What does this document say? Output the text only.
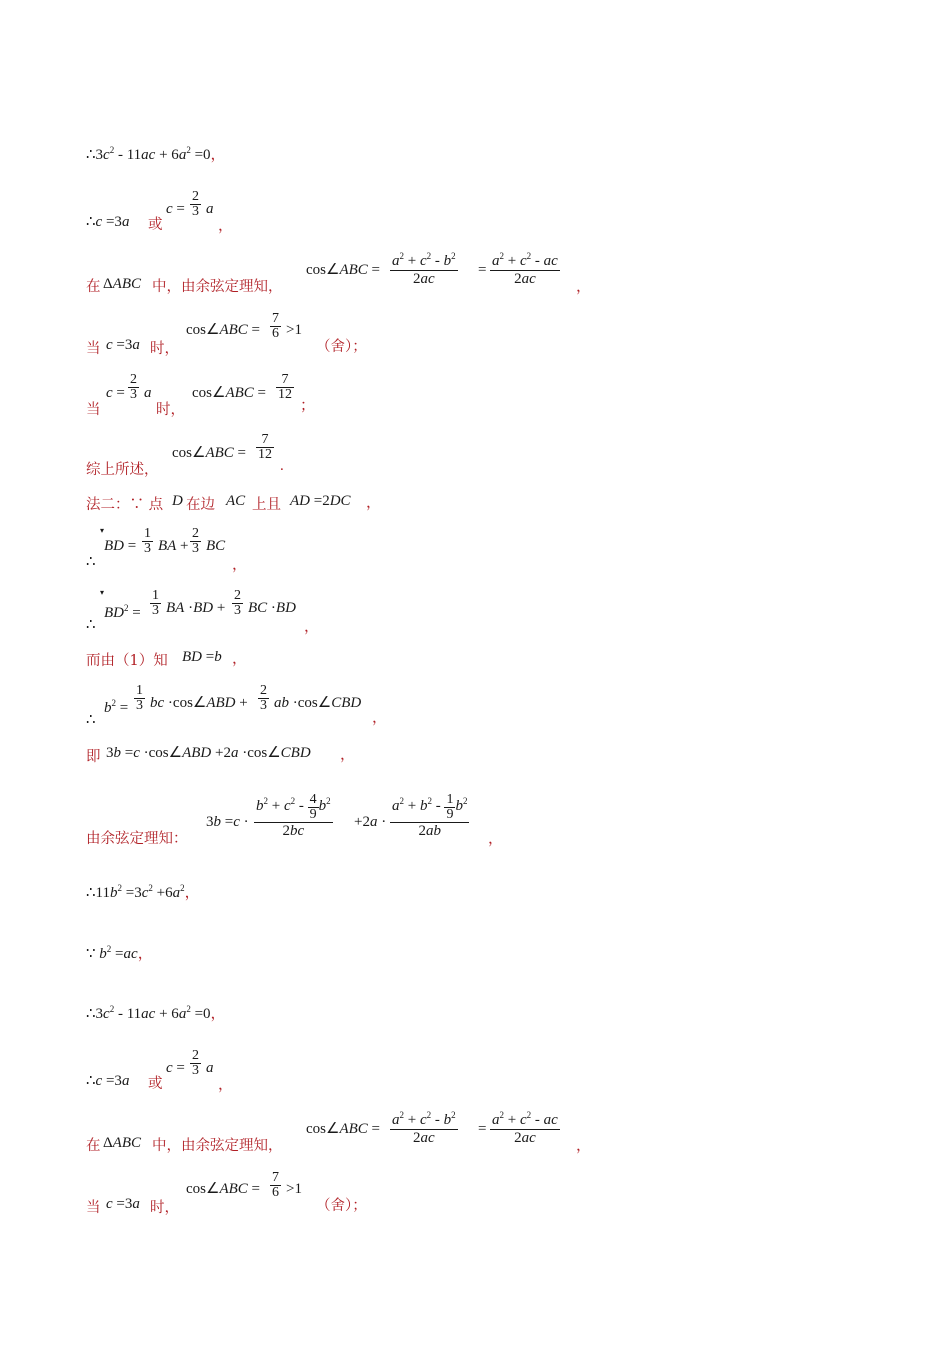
$\therefore 3c^2 - 11ac + 6a^2 =0$，
∴c =3a 或
$c = \frac{2}{3}$ a
，
在 ΔABC 中，由余弦定理知，
cos∠ABC = $\frac{a^2 + c^2 - b^2}{2ac} = \frac{a^2 + c^2 - ac}{2ac}$ ，
当 c =3a 时，
cos∠ABC = $\frac{7}{6} >1$
（舍）；
当
$c = \frac{2}{3}$ a
时，
cos∠ABC = $\frac{7}{12}$
；
综上所述，
cos∠ABC = $\frac{7}{12}$
.
法二：∵ 点 D 在边 AC 上且 AD =2DC ，
▾
∴
BD = $\frac{1}{3}$ BA + $\frac{2}{3}$ BC
，
▾
∴
$BD^2 = \frac{1}{3}$ BA $\cdot BD + \frac{2}{3}$ BC ·BD
，
而由（1）知 BD =b ，
∴
$b^2 = \frac{1}{3}$ bc ·cos∠ABD + $\frac{2}{3}$ ab ·cos∠CBD
，
即 3b =c ·cos∠ABD +2a ·cos∠CBD ，
由余弦定理知：
$3b =c \cdot \frac{b^2 + c^2 - \frac{4}{9} b^2}{2bc} +2a \cdot \frac{a^2 + b^2 - \frac{1}{9} b^2}{2ab}$ ，
$\therefore 11b^2 =3c^2 +6a^2$，
∵ $b^2 =ac$，
$\therefore 3c^2 - 11ac + 6a^2 =0$，
∴c =3a 或
$c = \frac{2}{3}$ a
，
在 ΔABC 中，由余弦定理知，
cos∠ABC = $\frac{a^2 + c^2 - b^2}{2ac} = \frac{a^2 + c^2 - ac}{2ac}$ ，
当 c =3a 时，
cos∠ABC = $\frac{7}{6} >1$
（舍）；
